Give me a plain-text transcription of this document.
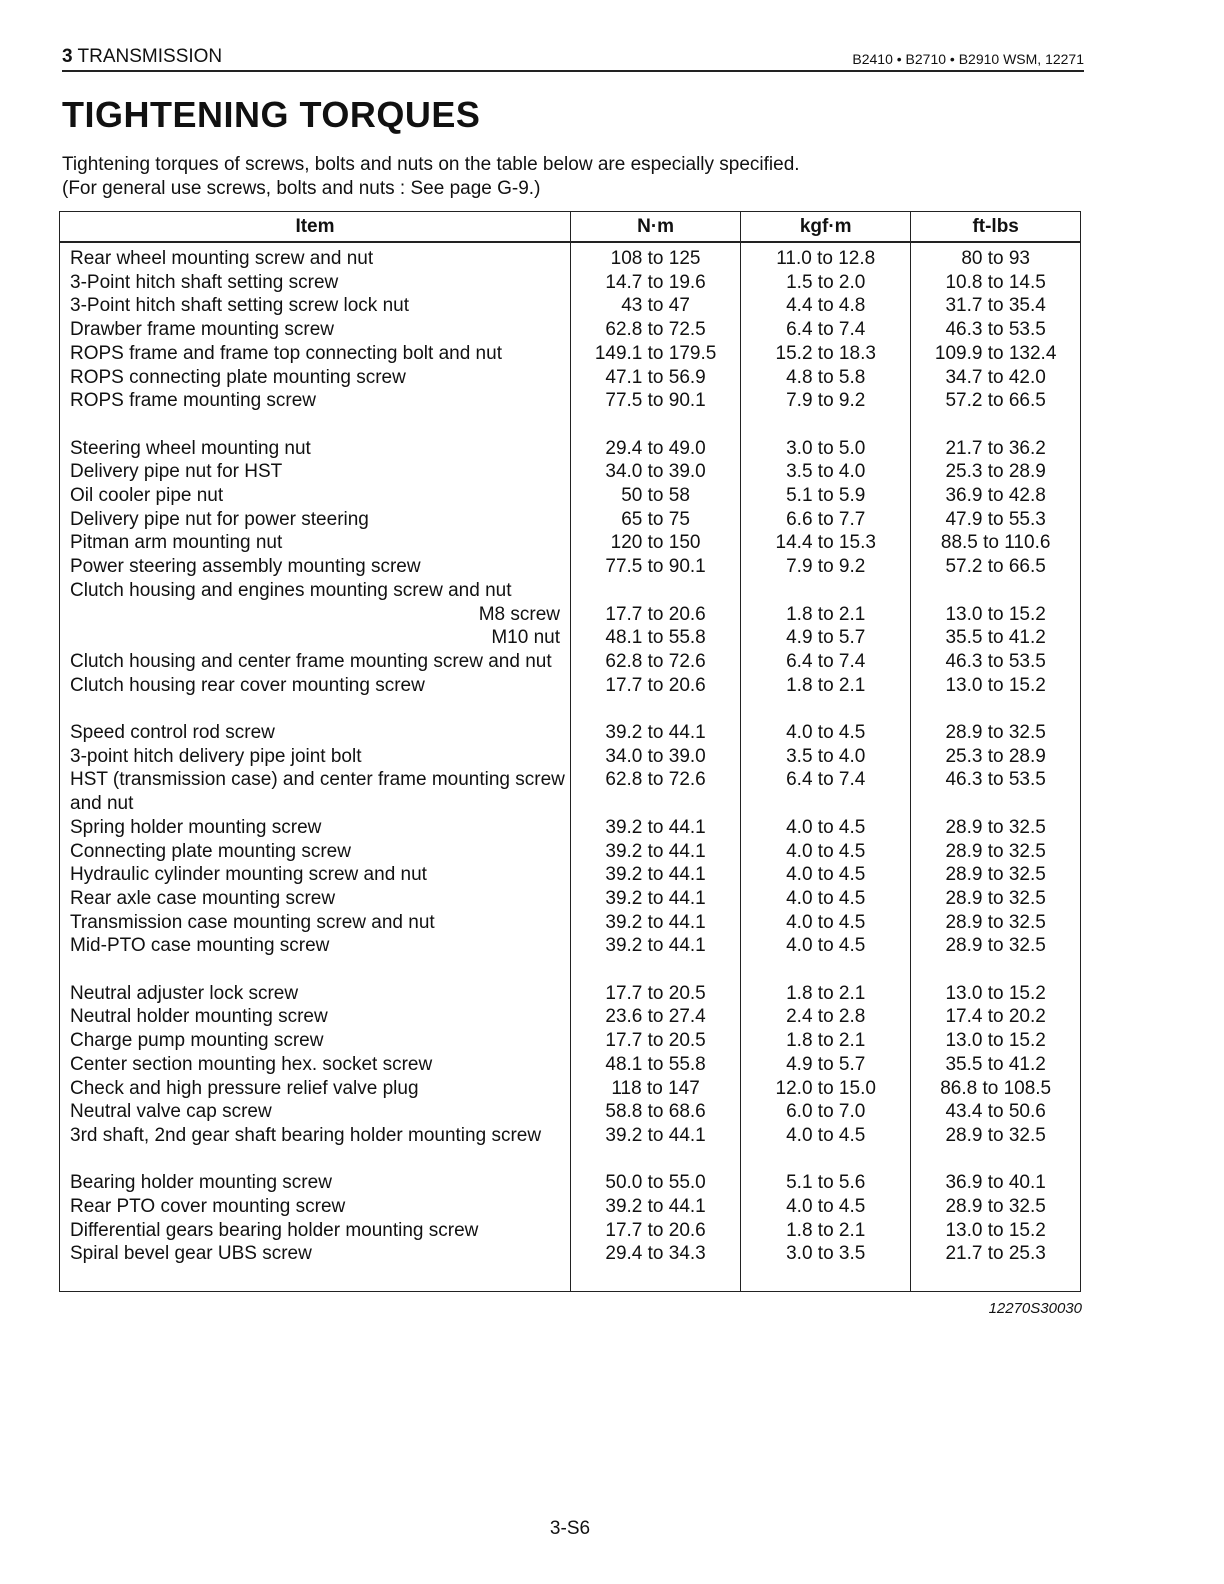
3 TRANSMISSION	B2410 • B2710 • B2910 WSM, 12271
TIGHTENING TORQUES
Tightening torques of screws, bolts and nuts on the table below are especially specified.
(For general use screws, bolts and nuts : See page G-9.)
Item	N·m	kgf·m	ft-lbs
Rear wheel mounting screw and nut	108 to 125	11.0 to 12.8	80 to 93
3-Point hitch shaft setting screw	14.7 to 19.6	1.5 to 2.0	10.8 to 14.5
3-Point hitch shaft setting screw lock nut	43 to 47	4.4 to 4.8	31.7 to 35.4
Drawber frame mounting screw	62.8 to 72.5	6.4 to 7.4	46.3 to 53.5
ROPS frame and frame top connecting bolt and nut	149.1 to 179.5	15.2 to 18.3	109.9 to 132.4
ROPS connecting plate mounting screw	47.1 to 56.9	4.8 to 5.8	34.7 to 42.0
ROPS frame mounting screw	77.5 to 90.1	7.9 to 9.2	57.2 to 66.5

Steering wheel mounting nut	29.4 to 49.0	3.0 to 5.0	21.7 to 36.2
Delivery pipe nut for HST	34.0 to 39.0	3.5 to 4.0	25.3 to 28.9
Oil cooler pipe nut	50 to 58	5.1 to 5.9	36.9 to 42.8
Delivery pipe nut for power steering	65 to 75	6.6 to 7.7	47.9 to 55.3
Pitman arm mounting nut	120 to 150	14.4 to 15.3	88.5 to 110.6
Power steering assembly mounting screw	77.5 to 90.1	7.9 to 9.2	57.2 to 66.5
Clutch housing and engines mounting screw and nut			
M8 screw	17.7 to 20.6	1.8 to 2.1	13.0 to 15.2
M10 nut	48.1 to 55.8	4.9 to 5.7	35.5 to 41.2
Clutch housing and center frame mounting screw and nut	62.8 to 72.6	6.4 to 7.4	46.3 to 53.5
Clutch housing rear cover mounting screw	17.7 to 20.6	1.8 to 2.1	13.0 to 15.2

Speed control rod screw	39.2 to 44.1	4.0 to 4.5	28.9 to 32.5
3-point hitch delivery pipe joint bolt	34.0 to 39.0	3.5 to 4.0	25.3 to 28.9
HST (transmission case) and center frame mounting screw and nut	62.8 to 72.6	6.4 to 7.4	46.3 to 53.5
Spring holder mounting screw	39.2 to 44.1	4.0 to 4.5	28.9 to 32.5
Connecting plate mounting screw	39.2 to 44.1	4.0 to 4.5	28.9 to 32.5
Hydraulic cylinder mounting screw and nut	39.2 to 44.1	4.0 to 4.5	28.9 to 32.5
Rear axle case mounting screw	39.2 to 44.1	4.0 to 4.5	28.9 to 32.5
Transmission case mounting screw and nut	39.2 to 44.1	4.0 to 4.5	28.9 to 32.5
Mid-PTO case mounting screw	39.2 to 44.1	4.0 to 4.5	28.9 to 32.5

Neutral adjuster lock screw	17.7 to 20.5	1.8 to 2.1	13.0 to 15.2
Neutral holder mounting screw	23.6 to 27.4	2.4 to 2.8	17.4 to 20.2
Charge pump mounting screw	17.7 to 20.5	1.8 to 2.1	13.0 to 15.2
Center section mounting hex. socket screw	48.1 to 55.8	4.9 to 5.7	35.5 to 41.2
Check and high pressure relief valve plug	118 to 147	12.0 to 15.0	86.8 to 108.5
Neutral valve cap screw	58.8 to 68.6	6.0 to 7.0	43.4 to 50.6
3rd shaft, 2nd gear shaft bearing holder mounting screw	39.2 to 44.1	4.0 to 4.5	28.9 to 32.5

Bearing holder mounting screw	50.0 to 55.0	5.1 to 5.6	36.9 to 40.1
Rear PTO cover mounting screw	39.2 to 44.1	4.0 to 4.5	28.9 to 32.5
Differential gears bearing holder mounting screw	17.7 to 20.6	1.8 to 2.1	13.0 to 15.2
Spiral bevel gear UBS screw	29.4 to 34.3	3.0 to 3.5	21.7 to 25.3

12270S30030
3-S6
